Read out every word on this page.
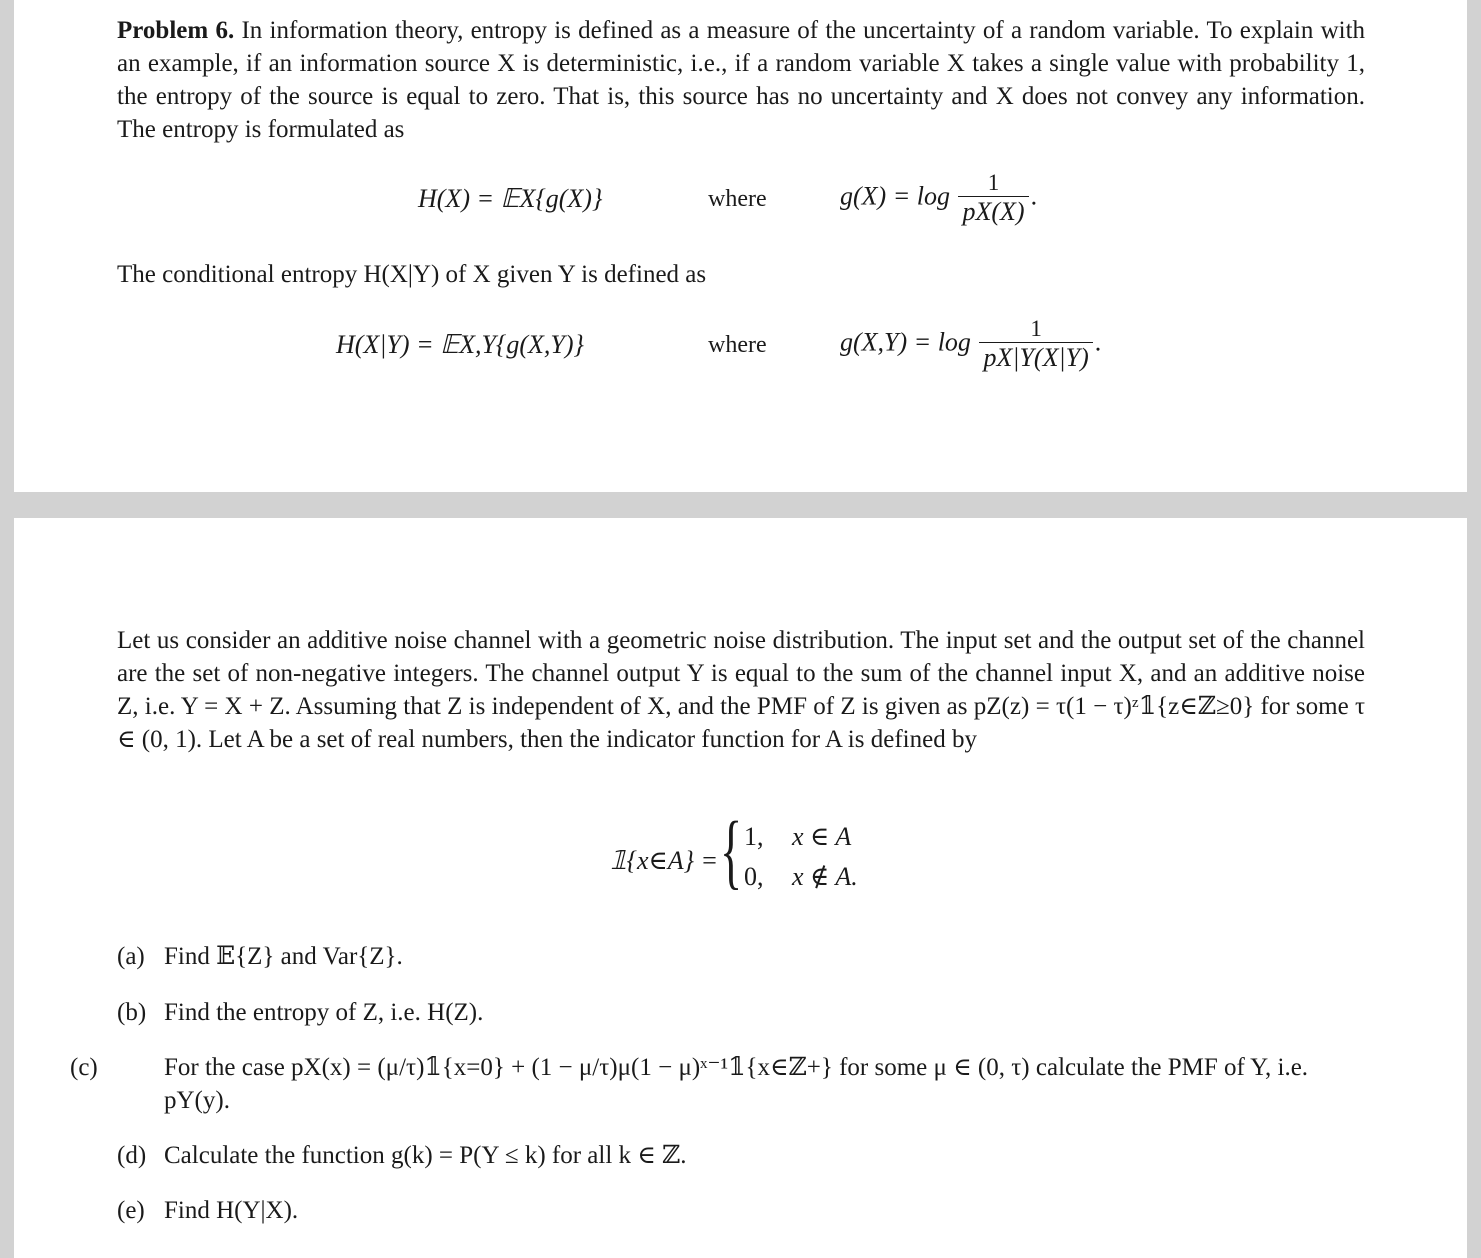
Problem 6. In information theory, entropy is defined as a measure of the uncertainty of a random variable. To explain with an example, if an information source X is deterministic, i.e., if a random variable X takes a single value with probability 1, the entropy of the source is equal to zero. That is, this source has no uncertainty and X does not convey any information. The entropy is formulated as

H(X) = 𝔼X{g(X)}	where	$g(X) = \log \frac{1}{pX(X)}$ .

The conditional entropy H(X|Y) of X given Y is defined as

H(X|Y) = 𝔼X,Y{g(X,Y)}	where	$g(X,Y) = \log \frac{1}{pX|Y(X|Y)}$ .

Let us consider an additive noise channel with a geometric noise distribution. The input set and the output set of the channel are the set of non-negative integers. The channel output Y is equal to the sum of the channel input X, and an additive noise Z, i.e. Y = X + Z. Assuming that Z is independent of X, and the PMF of Z is given as pZ(z) = τ(1 − τ)ᶻ𝟙{z∈ℤ≥0} for some τ ∈ (0, 1). Let A be a set of real numbers, then the indicator function for A is defined by

𝟙{x∈A} = { 1, x ∈ A
0, x ∉ A.

(a) Find 𝔼{Z} and Var{Z}.

(b) Find the entropy of Z, i.e. H(Z).

(c)	For the case pX(x) = (μ/τ)𝟙{x=0} + (1 − μ/τ)μ(1 − μ)ˣ⁻¹𝟙{x∈ℤ+} for some μ ∈ (0, τ) calculate the PMF of Y, i.e. pY(y).

(d) Calculate the function g(k) = P(Y ≤ k) for all k ∈ ℤ.

(e) Find H(Y|X).
